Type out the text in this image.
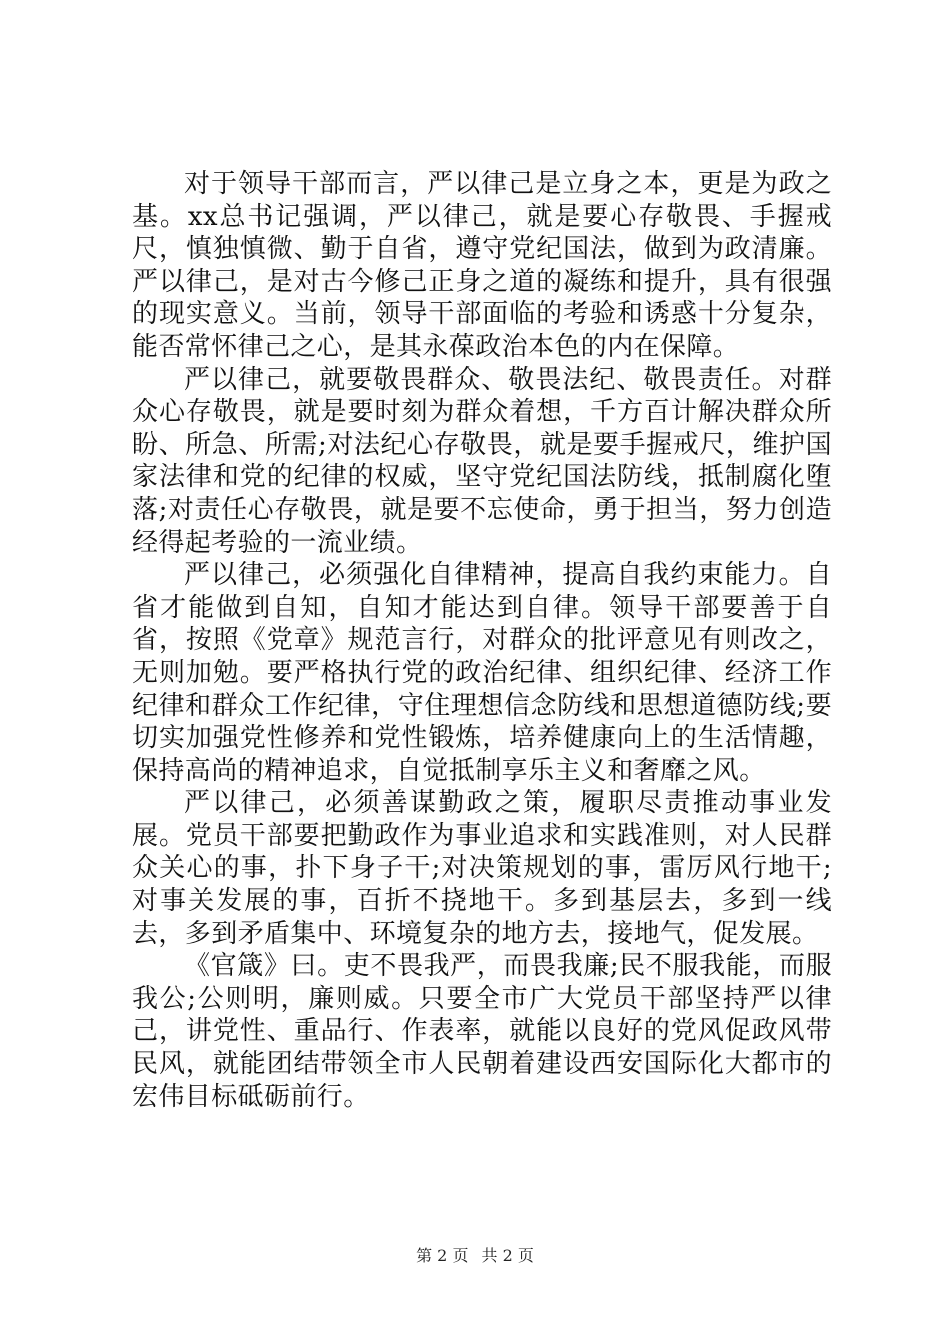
对于领导干部而言，严以律己是立身之本，更是为政之基。xx总书记强调，严以律己，就是要心存敬畏、手握戒尺，慎独慎微、勤于自省，遵守党纪国法，做到为政清廉。严以律己，是对古今修己正身之道的凝练和提升，具有很强的现实意义。当前，领导干部面临的考验和诱惑十分复杂，能否常怀律己之心，是其永葆政治本色的内在保障。

严以律己，就要敬畏群众、敬畏法纪、敬畏责任。对群众心存敬畏，就是要时刻为群众着想，千方百计解决群众所盼、所急、所需;对法纪心存敬畏，就是要手握戒尺，维护国家法律和党的纪律的权威，坚守党纪国法防线，抵制腐化堕落;对责任心存敬畏，就是要不忘使命，勇于担当，努力创造经得起考验的一流业绩。

严以律己，必须强化自律精神，提高自我约束能力。自省才能做到自知，自知才能达到自律。领导干部要善于自省，按照《党章》规范言行，对群众的批评意见有则改之，无则加勉。要严格执行党的政治纪律、组织纪律、经济工作纪律和群众工作纪律，守住理想信念防线和思想道德防线;要切实加强党性修养和党性锻炼，培养健康向上的生活情趣，保持高尚的精神追求，自觉抵制享乐主义和奢靡之风。

严以律己，必须善谋勤政之策，履职尽责推动事业发展。党员干部要把勤政作为事业追求和实践准则，对人民群众关心的事，扑下身子干;对决策规划的事，雷厉风行地干;对事关发展的事，百折不挠地干。多到基层去，多到一线去，多到矛盾集中、环境复杂的地方去，接地气，促发展。

《官箴》曰。吏不畏我严，而畏我廉;民不服我能，而服我公;公则明，廉则威。只要全市广大党员干部坚持严以律己，讲党性、重品行、作表率，就能以良好的党风促政风带民风，就能团结带领全市人民朝着建设西安国际化大都市的宏伟目标砥砺前行。

第 2 页 共 2 页
